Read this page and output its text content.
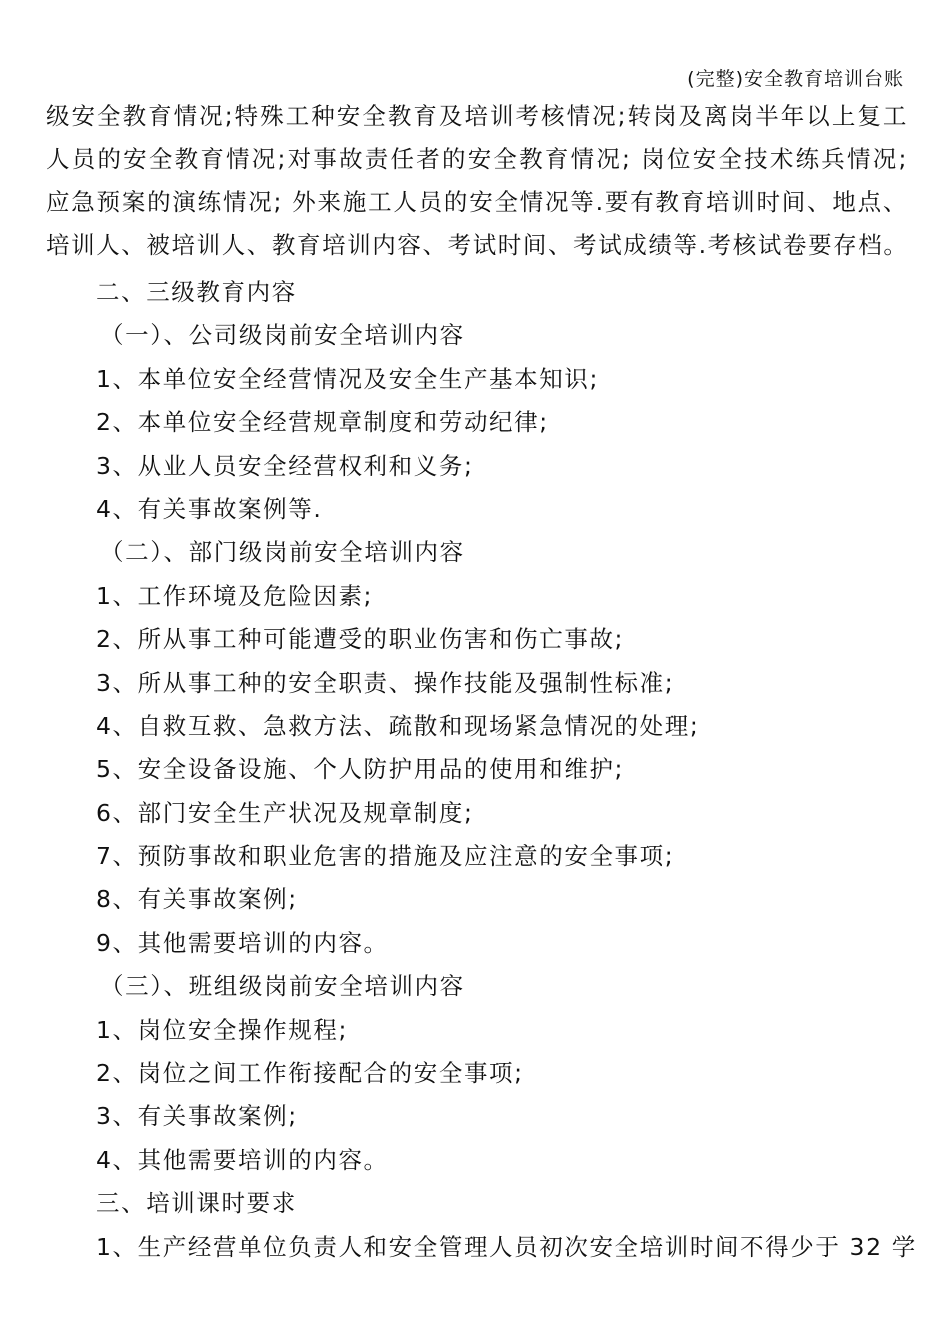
(完整)安全教育培训台账
级安全教育情况;特殊工种安全教育及培训考核情况;转岗及离岗半年以上复工
人员的安全教育情况;对事故责任者的安全教育情况; 岗位安全技术练兵情况;
应急预案的演练情况; 外来施工人员的安全情况等.要有教育培训时间、地点、
培训人、被培训人、教育培训内容、考试时间、考试成绩等.考核试卷要存档。
二、三级教育内容
（一）、公司级岗前安全培训内容
1、本单位安全经营情况及安全生产基本知识;
2、本单位安全经营规章制度和劳动纪律;
3、从业人员安全经营权利和义务;
4、有关事故案例等.
（二）、部门级岗前安全培训内容
1、工作环境及危险因素;
2、所从事工种可能遭受的职业伤害和伤亡事故;
3、所从事工种的安全职责、操作技能及强制性标准;
4、自救互救、急救方法、疏散和现场紧急情况的处理;
5、安全设备设施、个人防护用品的使用和维护;
6、部门安全生产状况及规章制度;
7、预防事故和职业危害的措施及应注意的安全事项;
8、有关事故案例;
9、其他需要培训的内容。
（三）、班组级岗前安全培训内容
1、岗位安全操作规程;
2、岗位之间工作衔接配合的安全事项;
3、有关事故案例;
4、其他需要培训的内容。
三、培训课时要求
1、生产经营单位负责人和安全管理人员初次安全培训时间不得少于 32 学
